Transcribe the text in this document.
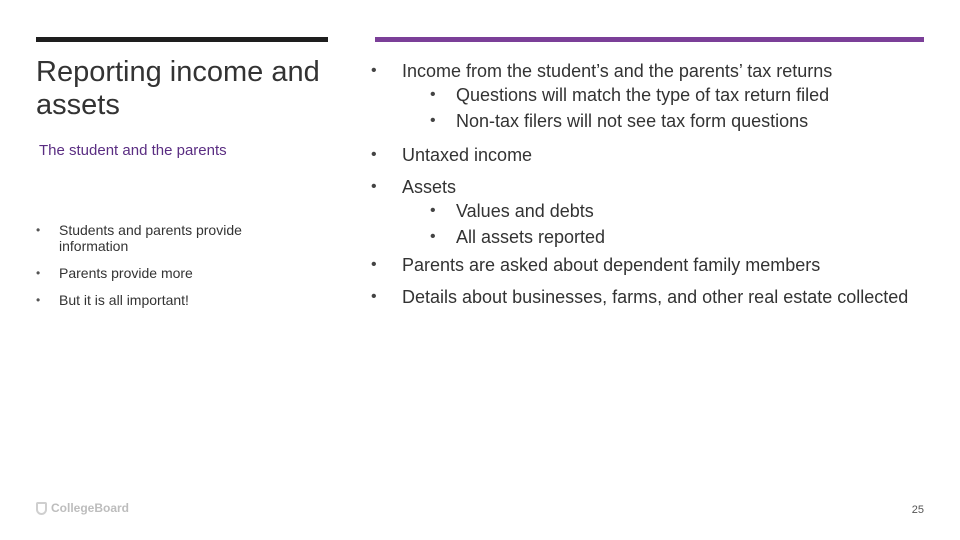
Reporting income and assets
The student and the parents
• Students and parents provide information
• Parents provide more
• But it is all important!
• Income from the student’s and the parents’ tax returns
• Questions will match the type of tax return filed
• Non-tax filers will not see tax form questions
• Untaxed income
• Assets
• Values and debts
• All assets reported
• Parents are asked about dependent family members
• Details about businesses, farms, and other real estate collected
CollegeBoard	25
